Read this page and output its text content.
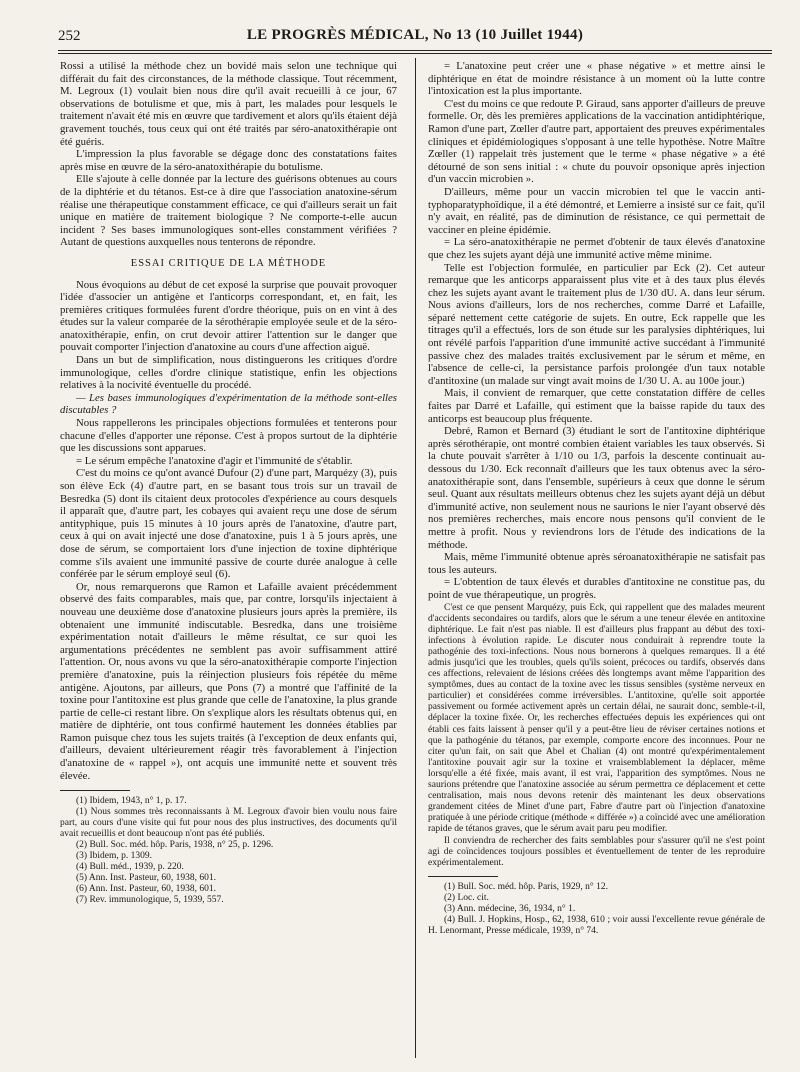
252	LE PROGRÈS MÉDICAL, No 13 (10 Juillet 1944)

Rossi a utilisé la méthode chez un bovidé mais selon une technique qui différait du fait des circonstances, de la méthode classique. Tout récemment, M. Legroux (1) voulait bien nous dire qu'il avait recueilli à ce jour, 67 observations de botulisme et que, mis à part, les malades pour lesquels le traitement n'avait été mis en œuvre que tardivement et alors qu'ils étaient déjà gravement touchés, tous ceux qui ont été traités par séro-anatoxithérapie ont été guéris.

L'impression la plus favorable se dégage donc des constatations faites après mise en œuvre de la séro-anatoxithérapie du botulisme.

Elle s'ajoute à celle donnée par la lecture des guérisons obtenues au cours de la diphtérie et du tétanos. Est-ce à dire que l'association anatoxine-sérum réalise une thérapeutique constamment efficace, ce qui d'ailleurs serait un fait unique en matière de traitement biologique ? Ne comporte-t-elle aucun incident ? Ses bases immunologiques sont-elles constamment vérifiées ? Autant de questions auxquelles nous tenterons de répondre.

ESSAI CRITIQUE DE LA MÉTHODE

Nous évoquions au début de cet exposé la surprise que pouvait provoquer l'idée d'associer un antigène et l'anticorps correspondant, et, en fait, les premières critiques formulées furent d'ordre théorique, puis on en vint à des études sur la valeur comparée de la sérothérapie employée seule et de la séro-anatoxithérapie, enfin, on crut devoir attirer l'attention sur le danger que pouvait comporter l'injection d'anatoxine au cours d'une affection aiguë.

Dans un but de simplification, nous distinguerons les critiques d'ordre immunologique, celles d'ordre clinique statistique, enfin les objections relatives à la nocivité éventuelle du procédé.

— Les bases immunologiques d'expérimentation de la méthode sont-elles discutables ?

Nous rappellerons les principales objections formulées et tenterons pour chacune d'elles d'apporter une réponse. C'est à propos surtout de la diphtérie que les discussions sont apparues.

= Le sérum empêche l'anatoxine d'agir et l'immunité de s'établir.

C'est du moins ce qu'ont avancé Dufour (2) d'une part, Marquézy (3), puis son élève Eck (4) d'autre part, en se basant tous trois sur un travail de Besredka (5) dont ils citaient deux protocoles d'expérience au cours desquels il apparaît que, d'autre part, les cobayes qui avaient reçu une dose de sérum antityphique, puis 15 minutes à 10 jours après de l'anatoxine, d'autre part, ceux à qui on avait injecté une dose d'anatoxine, puis 1 à 5 jours après, une dose de sérum, se comportaient lors d'une injection de toxine diphtérique comme s'ils avaient une immunité passive de courte durée analogue à celle conférée par le sérum employé seul (6).

Or, nous remarquerons que Ramon et Lafaille avaient précédemment observé des faits comparables, mais que, par contre, lorsqu'ils injectaient à nouveau une deuxième dose d'anatoxine plusieurs jours après la première, ils obtenaient une immunité indiscutable. Besredka, dans une troisième expérimentation notait d'ailleurs le même résultat, ce sur quoi les argumentations précédentes ne semblent pas avoir suffisamment attiré l'attention. Or, nous avons vu que la séro-anatoxithérapie comporte l'injection première d'anatoxine, puis la réinjection plusieurs fois répétée du même antigène. Ajoutons, par ailleurs, que Pons (7) a montré que l'affinité de la toxine pour l'antitoxine est plus grande que celle de l'anatoxine, la plus grande partie de celle-ci restant libre. On s'explique alors les résultats obtenus qui, en matière de diphtérie, ont tous confirmé hautement les données établies par Ramon puisque chez tous les sujets traités (à l'exception de deux enfants qui, d'ailleurs, devaient ultérieurement réagir très favorablement à l'injection d'anatoxine de « rappel »), ont acquis une immunité nette et souvent très élevée.

(1) Ibidem, 1943, n° 1, p. 17.

(1) Nous sommes très reconnaissants à M. Legroux d'avoir bien voulu nous faire part, au cours d'une visite qui fut pour nous des plus instructives, des documents qu'il avait recueillis et dont beaucoup n'ont pas été publiés.

(2) Bull. Soc. méd. hôp. Paris, 1938, n° 25, p. 1296.

(3) Ibidem, p. 1309.

(4) Bull. méd., 1939, p. 220.

(5) Ann. Inst. Pasteur, 60, 1938, 601.

(6) Ann. Inst. Pasteur, 60, 1938, 601.

(7) Rev. immunologique, 5, 1939, 557.

= L'anatoxine peut créer une « phase négative » et mettre ainsi le diphtérique en état de moindre résistance à un moment où la lutte contre l'intoxication est la plus importante.

C'est du moins ce que redoute P. Giraud, sans apporter d'ailleurs de preuve formelle. Or, dès les premières applications de la vaccination antidiphtérique, Ramon d'une part, Zœller d'autre part, apportaient des preuves expérimentales cliniques et épidémiologiques s'opposant à une telle hypothèse. Notre Maître Zœller (1) rappelait très justement que le terme « phase négative » a été détourné de son sens initial : « chute du pouvoir opsonique après injection d'un vaccin microbien ».

D'ailleurs, même pour un vaccin microbien tel que le vaccin anti-typhoparatyphoïdique, il a été démontré, et Lemierre a insisté sur ce fait, qu'il n'y avait, en réalité, pas de diminution de résistance, ce qui permettait de vacciner en pleine épidémie.

= La séro-anatoxithérapie ne permet d'obtenir de taux élevés d'anatoxine que chez les sujets ayant déjà une immunité active même minime.

Telle est l'objection formulée, en particulier par Eck (2). Cet auteur remarque que les anticorps apparaissent plus vite et à des taux plus élevés chez les sujets ayant avant le traitement plus de 1/30 dU. A. dans leur sérum. Nous avions d'ailleurs, lors de nos recherches, comme Darré et Lafaille, séparé nettement cette catégorie de sujets. En outre, Eck rappelle que les titrages qu'il a effectués, lors de son étude sur les paralysies diphtériques, lui ont révélé parfois l'apparition d'une immunité active succédant à l'immunité passive chez des malades traités exclusivement par le sérum et même, en l'absence de celle-ci, la persistance parfois prolongée d'un taux notable d'antitoxine (un malade sur vingt avait moins de 1/30 U. A. au 100e jour.)

Mais, il convient de remarquer, que cette constatation diffère de celles faites par Darré et Lafaille, qui estiment que la baisse rapide du taux des anticorps est beaucoup plus fréquente.

Debré, Ramon et Bernard (3) étudiant le sort de l'antitoxine diphtérique après sérothérapie, ont montré combien étaient variables les taux observés. Si la chute pouvait s'arrêter à 1/10 ou 1/3, parfois la descente continuait au-dessous du 1/30. Eck reconnaît d'ailleurs que les taux obtenus avec la séro-anatoxithérapie sont, dans l'ensemble, supérieurs à ceux que donne le sérum seul. Quant aux résultats meilleurs obtenus chez les sujets ayant déjà un début d'immunité active, non seulement nous ne saurions le nier l'ayant observé dès nos premières recherches, mais encore nous pensons qu'il convient de le mettre à profit. Nous y reviendrons lors de l'étude des indications de la méthode.

Mais, même l'immunité obtenue après séroanatoxithérapie ne satisfait pas tous les auteurs.

= L'obtention de taux élevés et durables d'antitoxine ne constitue pas, du point de vue thérapeutique, un progrès.

C'est ce que pensent Marquézy, puis Eck, qui rappellent que des malades meurent d'accidents secondaires ou tardifs, alors que le sérum a une teneur élevée en antitoxine diphtérique. Le fait n'est pas niable. Il est d'ailleurs plus frappant au début des toxi-infections à évolution rapide. Le discuter nous conduirait à reprendre toute la pathogénie des toxi-infections. Nous nous bornerons à quelques remarques. Il a été admis jusqu'ici que les troubles, quels qu'ils soient, précoces ou tardifs, observés dans ces affections, relevaient de lésions créées dès longtemps avant même l'apparition des symptômes, dues au contact de la toxine avec les tissus sensibles (système nerveux en particulier) et considérées comme irréversibles. L'antitoxine, qu'elle soit apportée passivement ou formée activement après un certain délai, ne saurait donc, semble-t-il, déplacer la toxine fixée. Or, les recherches effectuées depuis les expériences qui ont établi ces faits laissent à penser qu'il y a peut-être lieu de réviser certaines notions et que la pathogénie du tétanos, par exemple, comporte encore des inconnues. Pour ne citer qu'un fait, on sait que Abel et Chalian (4) ont montré qu'expérimentalement l'antitoxine pouvait agir sur la toxine et vraisemblablement la déplacer, même lorsqu'elle a été fixée, mais avant, il est vrai, l'apparition des symptômes. Nous ne saurions prétendre que l'anatoxine associée au sérum permettra ce déplacement et cette centralisation, mais nous devons retenir dès maintenant les deux observations grandement citées de Minet d'une part, Fabre d'autre part où l'injection d'anatoxine pratiquée à une période critique (méthode « différée ») a coïncidé avec une amélioration rapide de tétanos graves, que le sérum avait paru peu modifier.

Il conviendra de rechercher des faits semblables pour s'assurer qu'il ne s'est point agi de coïncidences toujours possibles et éventuellement de tenter de les reproduire expérimentalement.

(1) Bull. Soc. méd. hôp. Paris, 1929, n° 12.

(2) Loc. cit.

(3) Ann. médecine, 36, 1934, n° 1.

(4) Bull. J. Hopkins, Hosp., 62, 1938, 610 ; voir aussi l'excellente revue générale de H. Lenormant, Presse médicale, 1939, n° 74.
